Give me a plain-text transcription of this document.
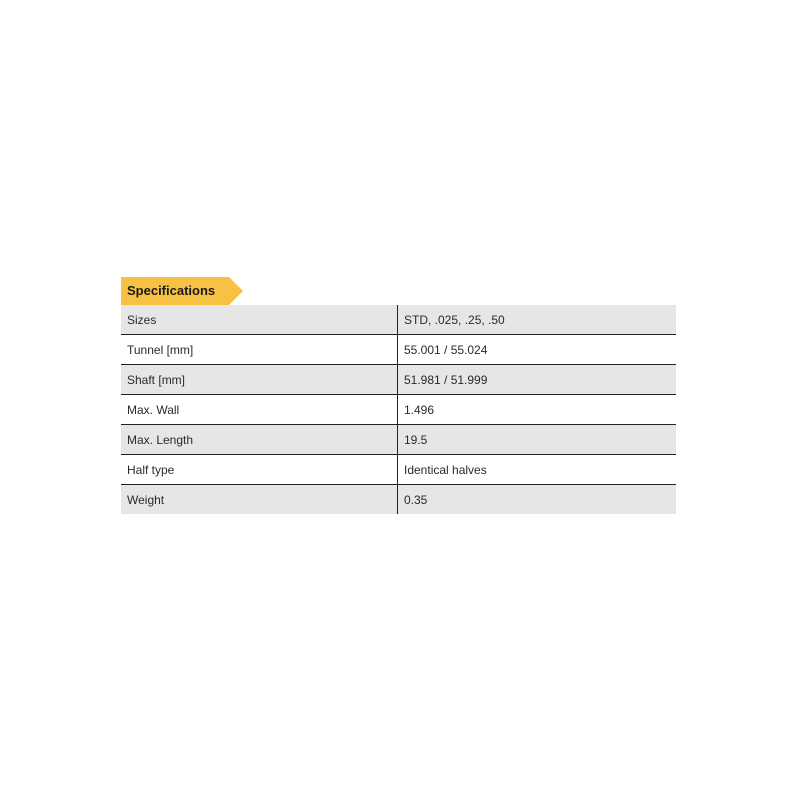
Specifications
Sizes	STD, .025, .25, .50
Tunnel [mm]	55.001 / 55.024
Shaft [mm]	51.981 / 51.999
Max. Wall	1.496
Max. Length	19.5
Half type	Identical halves
Weight	0.35
